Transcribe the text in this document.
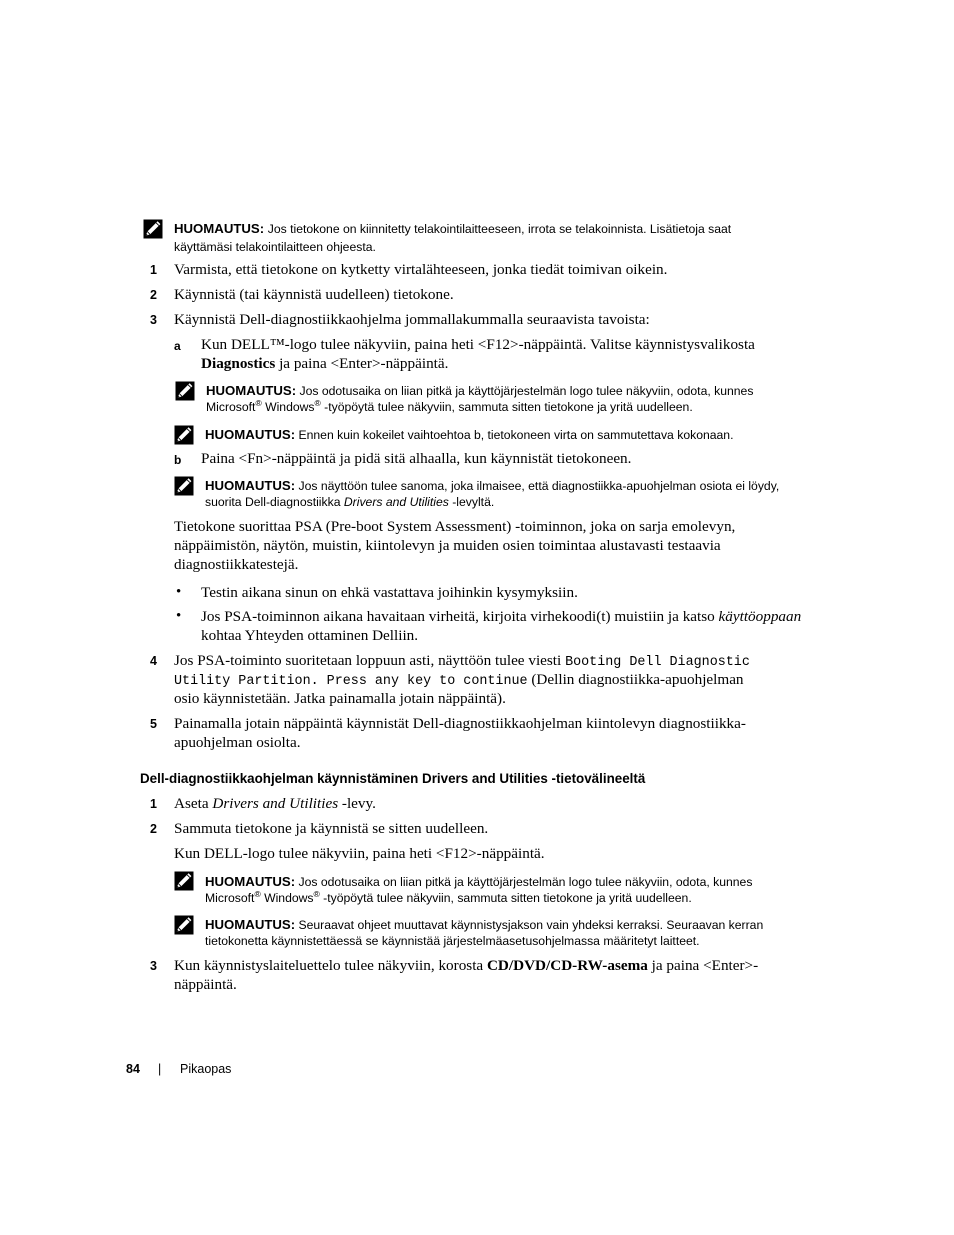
HUOMAUTUS: Jos tietokone on kiinnitetty telakointilaitteeseen, irrota se telakoinnista. Lisätietoja saat käyttämäsi telakointilaitteen ohjeesta.
1 Varmista, että tietokone on kytketty virtalähteeseen, jonka tiedät toimivan oikein.
2 Käynnistä (tai käynnistä uudelleen) tietokone.
3 Käynnistä Dell-diagnostiikkaohjelma jommallakummalla seuraavista tavoista:
a Kun DELL™-logo tulee näkyviin, paina heti <F12>-näppäintä. Valitse käynnistysvalikosta
Diagnostics ja paina <Enter>-näppäintä.
HUOMAUTUS: Jos odotusaika on liian pitkä ja käyttöjärjestelmän logo tulee näkyviin, odota, kunnes
Microsoft® Windows® -työpöytä tulee näkyviin, sammuta sitten tietokone ja yritä uudelleen.
HUOMAUTUS: Ennen kuin kokeilet vaihtoehtoa b, tietokoneen virta on sammutettava kokonaan.
b Paina <Fn>-näppäintä ja pidä sitä alhaalla, kun käynnistät tietokoneen.
HUOMAUTUS: Jos näyttöön tulee sanoma, joka ilmaisee, että diagnostiikka-apuohjelman osiota ei löydy,
suorita Dell-diagnostiikka Drivers and Utilities -levyltä.
Tietokone suorittaa PSA (Pre-boot System Assessment) -toiminnon, joka on sarja emolevyn,
näppäimistön, näytön, muistin, kiintolevyn ja muiden osien toimintaa alustavasti testaavia
diagnostiikkatestejä.
• Testin aikana sinun on ehkä vastattava joihinkin kysymyksiin.
• Jos PSA-toiminnon aikana havaitaan virheitä, kirjoita virhekoodi(t) muistiin ja katso käyttöoppaan
kohtaa Yhteyden ottaminen Delliin.
4 Jos PSA-toiminto suoritetaan loppuun asti, näyttöön tulee viesti Booting Dell Diagnostic
Utility Partition. Press any key to continue (Dellin diagnostiikka-apuohjelman
osio käynnistetään. Jatka painamalla jotain näppäintä).
5 Painamalla jotain näppäintä käynnistät Dell-diagnostiikkaohjelman kiintolevyn diagnostiikka-
apuohjelman osiolta.
Dell-diagnostiikkaohjelman käynnistäminen Drivers and Utilities -tietovälineeltä
1 Aseta Drivers and Utilities -levy.
2 Sammuta tietokone ja käynnistä se sitten uudelleen.
Kun DELL-logo tulee näkyviin, paina heti <F12>-näppäintä.
HUOMAUTUS: Jos odotusaika on liian pitkä ja käyttöjärjestelmän logo tulee näkyviin, odota, kunnes
Microsoft® Windows® -työpöytä tulee näkyviin, sammuta sitten tietokone ja yritä uudelleen.
HUOMAUTUS: Seuraavat ohjeet muuttavat käynnistysjakson vain yhdeksi kerraksi. Seuraavan kerran
tietokonetta käynnistettäessä se käynnistää järjestelmäasetusohjelmassa määritetyt laitteet.
3 Kun käynnistyslaiteluettelo tulee näkyviin, korosta CD/DVD/CD-RW-asema ja paina <Enter>-
näppäintä.
84 | Pikaopas
